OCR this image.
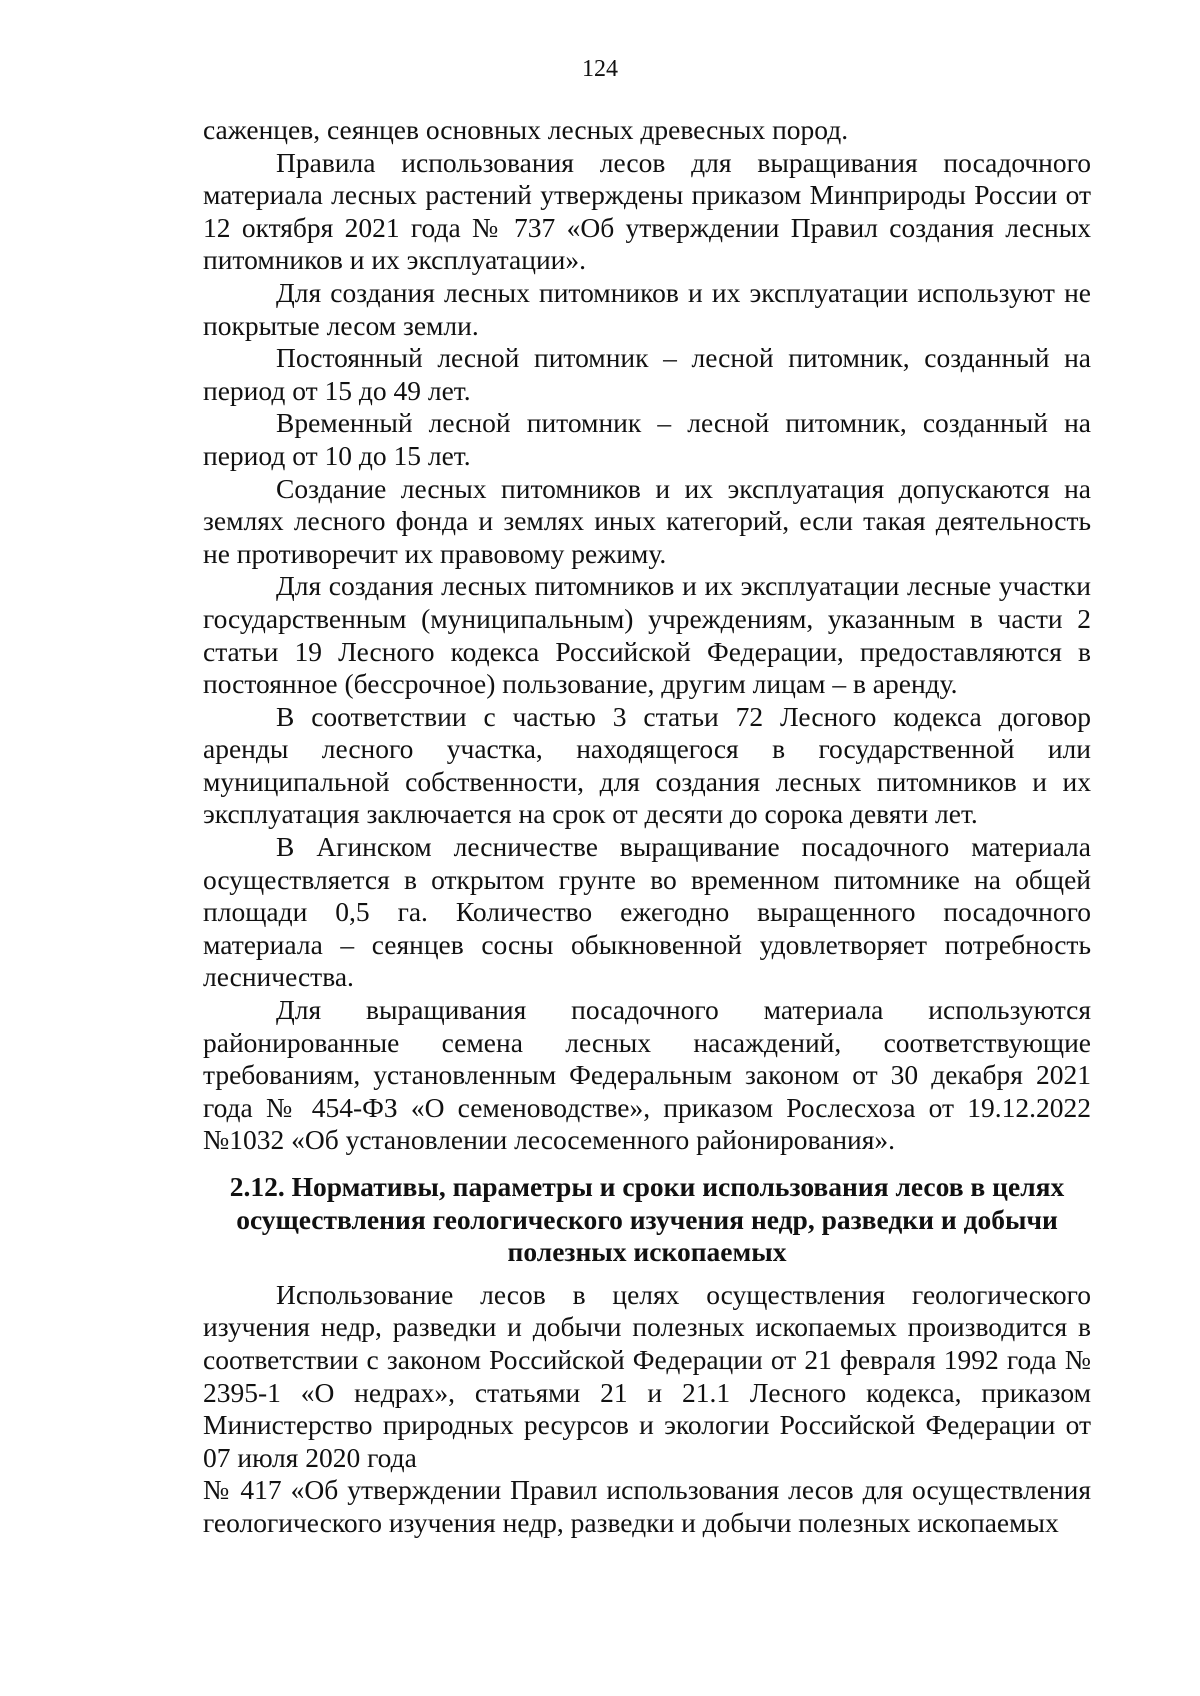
124

саженцев, сеянцев основных лесных древесных пород.

Правила использования лесов для выращивания посадочного материала лесных растений утверждены приказом Минприроды России от 12 октября 2021 года № 737 «Об утверждении Правил создания лесных питомников и их эксплуатации».

Для создания лесных питомников и их эксплуатации используют не покрытые лесом земли.

Постоянный лесной питомник – лесной питомник, созданный на период от 15 до 49 лет.

Временный лесной питомник – лесной питомник, созданный на период от 10 до 15 лет.

Создание лесных питомников и их эксплуатация допускаются на землях лесного фонда и землях иных категорий, если такая деятельность не противоречит их правовому режиму.

Для создания лесных питомников и их эксплуатации лесные участки государственным (муниципальным) учреждениям, указанным в части 2 статьи 19 Лесного кодекса Российской Федерации, предоставляются в постоянное (бессрочное) пользование, другим лицам – в аренду.

В соответствии с частью 3 статьи 72 Лесного кодекса договор аренды лесного участка, находящегося в государственной или муниципальной собственности, для создания лесных питомников и их эксплуатация заключается на срок от десяти до сорока девяти лет.

В Агинском лесничестве выращивание посадочного материала осуществляется в открытом грунте во временном питомнике на общей площади 0,5 га. Количество ежегодно выращенного посадочного материала – сеянцев сосны обыкновенной удовлетворяет потребность лесничества.

Для выращивания посадочного материала используются районированные семена лесных насаждений, соответствующие требованиям, установленным Федеральным законом от 30 декабря 2021 года № 454-ФЗ «О семеноводстве», приказом Рослесхоза от 19.12.2022 №1032 «Об установлении лесосеменного районирования».

2.12. Нормативы, параметры и сроки использования лесов в целях
осуществления геологического изучения недр, разведки и добычи
полезных ископаемых

Использование лесов в целях осуществления геологического изучения недр, разведки и добычи полезных ископаемых производится в соответствии с законом Российской Федерации от 21 февраля 1992 года № 2395-1 «О недрах», статьями 21 и 21.1 Лесного кодекса, приказом Министерство природных ресурсов и экологии Российской Федерации от 07 июля 2020 года

№ 417 «Об утверждении Правил использования лесов для осуществления геологического изучения недр, разведки и добычи полезных ископаемых
